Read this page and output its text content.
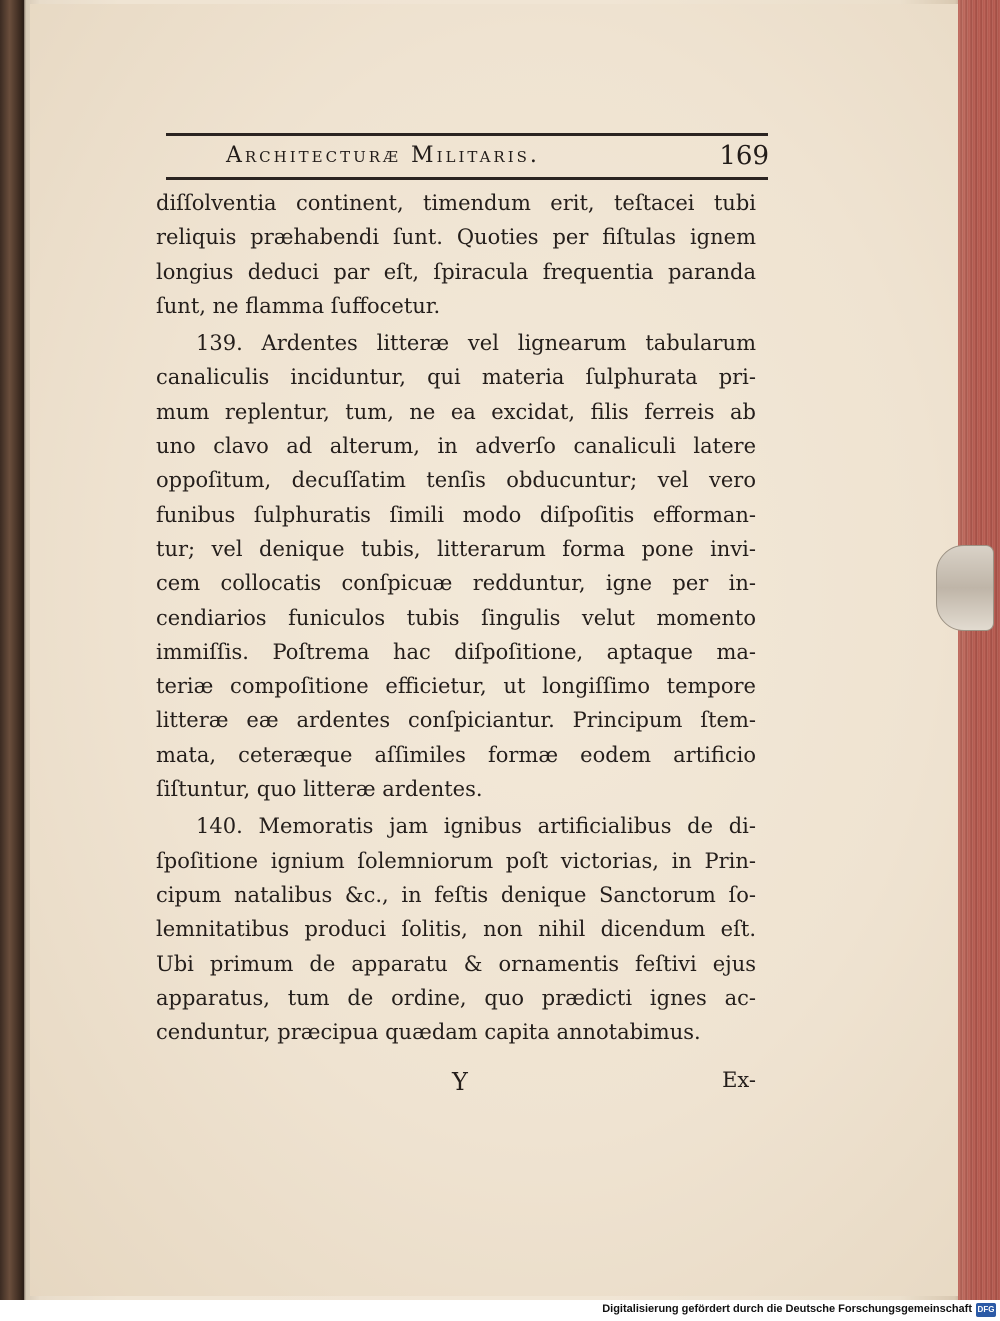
Architecturæ Militaris.	169
diſſolventia continent, timendum erit, teſtacei tubi
reliquis præhabendi ſunt. Quoties per fiſtulas ignem
longius deduci par eſt, ſpiracula frequentia paranda
ſunt, ne flamma ſuffocetur.
139. Ardentes litteræ vel lignearum tabularum
canaliculis inciduntur, qui materia ſulphurata pri-
mum replentur, tum, ne ea excidat, filis ferreis ab
uno clavo ad alterum, in adverſo canaliculi latere
oppoſitum, decuſſatim tenſis obducuntur; vel vero
funibus ſulphuratis ſimili modo diſpoſitis efforman-
tur; vel denique tubis, litterarum forma pone invi-
cem collocatis conſpicuæ redduntur, igne per in-
cendiarios funiculos tubis ſingulis velut momento
immiſſis. Poſtrema hac diſpoſitione, aptaque ma-
teriæ compoſitione efficietur, ut longiſſimo tempore
litteræ eæ ardentes conſpiciantur. Principum ſtem-
mata, ceteræque aſſimiles formæ eodem artificio
ſiſtuntur, quo litteræ ardentes.
140. Memoratis jam ignibus artificialibus de di-
ſpoſitione ignium ſolemniorum poſt victorias, in Prin-
cipum natalibus &c., in feſtis denique Sanctorum ſo-
lemnitatibus produci ſolitis, non nihil dicendum eſt.
Ubi primum de apparatu & ornamentis feſtivi ejus
apparatus, tum de ordine, quo prædicti ignes ac-
cenduntur, præcipua quædam capita annotabimus.
Y	Ex-
Digitalisierung gefördert durch die Deutsche Forschungsgemeinschaft DFG
